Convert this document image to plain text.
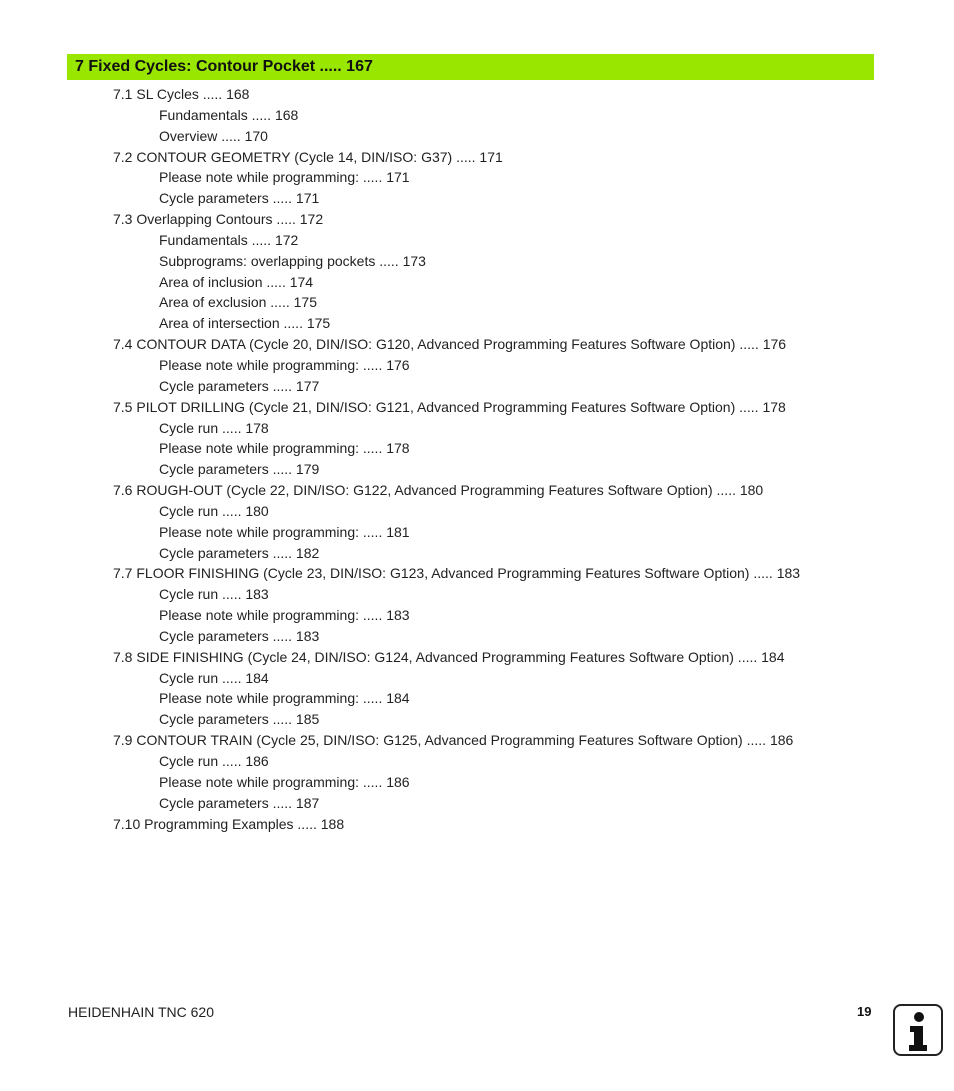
7 Fixed Cycles: Contour Pocket ..... 167
7.1 SL Cycles ..... 168
Fundamentals ..... 168
Overview ..... 170
7.2 CONTOUR GEOMETRY (Cycle 14, DIN/ISO: G37) ..... 171
Please note while programming: ..... 171
Cycle parameters ..... 171
7.3 Overlapping Contours ..... 172
Fundamentals ..... 172
Subprograms: overlapping pockets ..... 173
Area of inclusion ..... 174
Area of exclusion ..... 175
Area of intersection ..... 175
7.4 CONTOUR DATA (Cycle 20, DIN/ISO: G120, Advanced Programming Features Software Option) ..... 176
Please note while programming: ..... 176
Cycle parameters ..... 177
7.5 PILOT DRILLING (Cycle 21, DIN/ISO: G121, Advanced Programming Features Software Option) ..... 178
Cycle run ..... 178
Please note while programming: ..... 178
Cycle parameters ..... 179
7.6 ROUGH-OUT (Cycle 22, DIN/ISO: G122, Advanced Programming Features Software Option) ..... 180
Cycle run ..... 180
Please note while programming: ..... 181
Cycle parameters ..... 182
7.7 FLOOR FINISHING (Cycle 23, DIN/ISO: G123, Advanced Programming Features Software Option) ..... 183
Cycle run ..... 183
Please note while programming: ..... 183
Cycle parameters ..... 183
7.8 SIDE FINISHING (Cycle 24, DIN/ISO: G124, Advanced Programming Features Software Option) ..... 184
Cycle run ..... 184
Please note while programming: ..... 184
Cycle parameters ..... 185
7.9 CONTOUR TRAIN (Cycle 25, DIN/ISO: G125, Advanced Programming Features Software Option) ..... 186
Cycle run ..... 186
Please note while programming: ..... 186
Cycle parameters ..... 187
7.10 Programming Examples ..... 188
HEIDENHAIN TNC 620	19
